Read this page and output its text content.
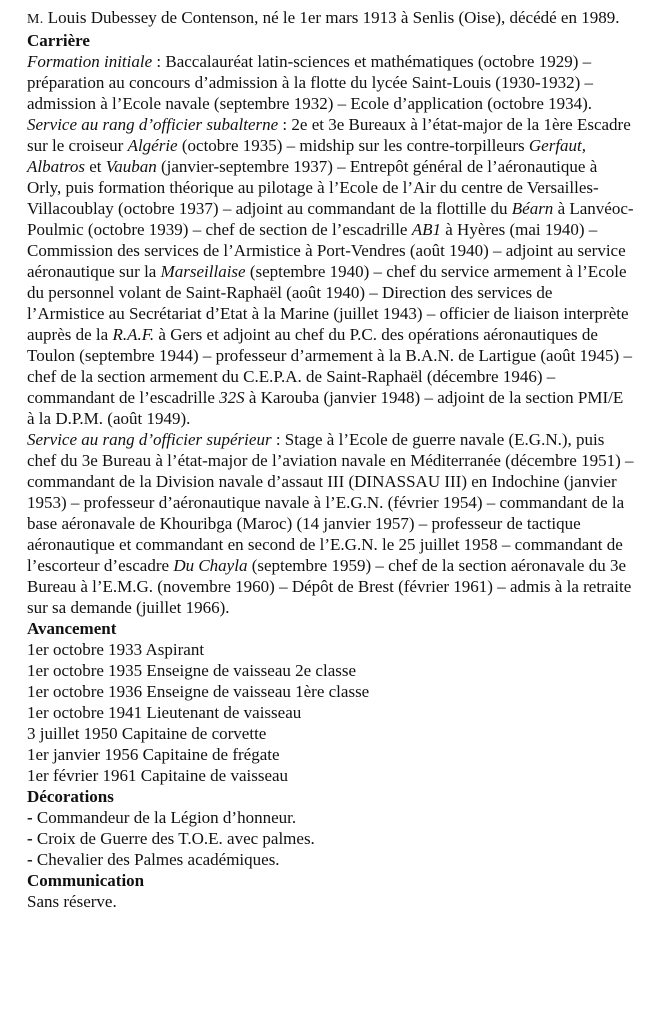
M. Louis Dubessey de Contenson, né le 1er mars 1913 à Senlis (Oise), décédé en 1989.

Carrière

Formation initiale : Baccalauréat latin-sciences et mathématiques (octobre 1929) – préparation au concours d’admission à la flotte du lycée Saint-Louis (1930-1932) – admission à l’Ecole navale (septembre 1932) – Ecole d’application (octobre 1934).

Service au rang d’officier subalterne : 2e et 3e Bureaux à l’état-major de la 1ère Escadre sur le croiseur Algérie (octobre 1935) – midship sur les contre-torpilleurs Gerfaut, Albatros et Vauban (janvier-septembre 1937) – Entrepôt général de l’aéronautique à Orly, puis formation théorique au pilotage à l’Ecole de l’Air du centre de Versailles-Villacoublay (octobre 1937) – adjoint au commandant de la flottille du Béarn à Lanvéoc-Poulmic (octobre 1939) – chef de section de l’escadrille AB1 à Hyères (mai 1940) – Commission des services de l’Armistice à Port-Vendres (août 1940) – adjoint au service aéronautique sur la Marseillaise (septembre 1940) – chef du service armement à l’Ecole du personnel volant de Saint-Raphaël (août 1940) – Direction des services de l’Armistice au Secrétariat d’Etat à la Marine (juillet 1943) – officier de liaison interprète auprès de la R.A.F. à Gers et adjoint au chef du P.C. des opérations aéronautiques de Toulon (septembre 1944) – professeur d’armement à la B.A.N. de Lartigue (août 1945) – chef de la section armement du C.E.P.A. de Saint-Raphaël (décembre 1946) – commandant de l’escadrille 32S à Karouba (janvier 1948) – adjoint de la section PMI/E à la D.P.M. (août 1949).

Service au rang d’officier supérieur : Stage à l’Ecole de guerre navale (E.G.N.), puis chef du 3e Bureau à l’état-major de l’aviation navale en Méditerranée (décembre 1951) – commandant de la Division navale d’assaut III (DINASSAU III) en Indochine (janvier 1953) – professeur d’aéronautique navale à l’E.G.N. (février 1954) – commandant de la base aéronavale de Khouribga (Maroc) (14 janvier 1957) – professeur de tactique aéronautique et commandant en second de l’E.G.N. le 25 juillet 1958 – commandant de l’escorteur d’escadre Du Chayla (septembre 1959) – chef de la section aéronavale du 3e Bureau à l’E.M.G. (novembre 1960) – Dépôt de Brest (février 1961) – admis à la retraite sur sa demande (juillet 1966).

Avancement

1er octobre 1933 Aspirant

1er octobre 1935 Enseigne de vaisseau 2e classe

1er octobre 1936 Enseigne de vaisseau 1ère classe

1er octobre 1941 Lieutenant de vaisseau

3 juillet 1950 Capitaine de corvette

1er janvier 1956 Capitaine de frégate

1er février 1961 Capitaine de vaisseau

Décorations

- Commandeur de la Légion d’honneur.

- Croix de Guerre des T.O.E. avec palmes.

- Chevalier des Palmes académiques.

Communication

Sans réserve.
